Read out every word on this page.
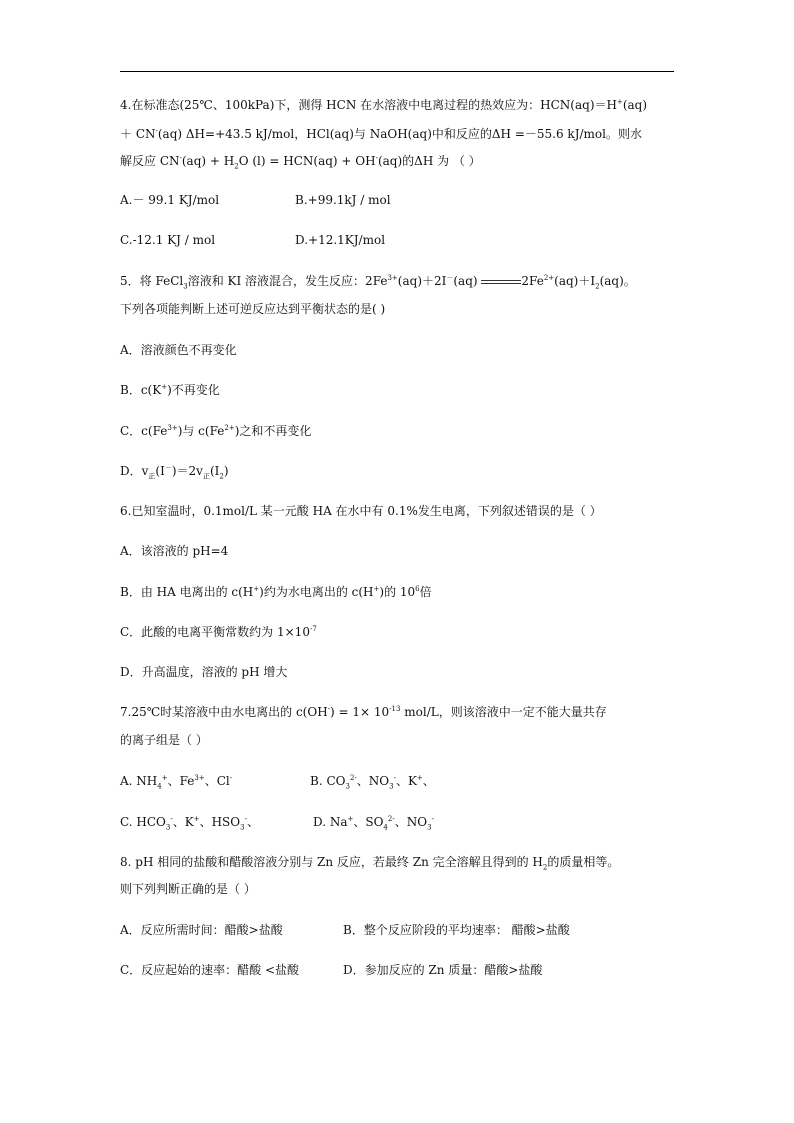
4.在标准态(25℃、100kPa)下，测得 HCN 在水溶液中电离过程的热效应为：HCN(aq)＝H+(aq)
＋ CN-(aq) ΔH=+43.5 kJ/mol，HCl(aq)与 NaOH(aq)中和反应的ΔH =－55.6 kJ/mol。则水
解反应 $CN^-(aq) + H_2O$ (l) = HCN(aq) + OH-(aq)的ΔH 为 （ ）
A.－ 99.1 KJ/mol	B.+99.1kJ / mol
C.-12.1 KJ / mol	D.+12.1KJ/mol
5．将 FeCl$_3$溶液和 KI 溶液混合，发生反应：$2Fe^{3+}(aq)+2I^-(aq)$	$2Fe^{2+}(aq)+I_2(aq)$。
下列各项能判断上述可逆反应达到平衡状态的是( )
A．溶液颜色不再变化
B．c(K+)不再变化
C．$c(Fe^{3+})$与 $c(Fe^{2+})$之和不再变化
D．$v_正(I^-)=2v_正(I_2)$
6.已知室温时，0.1mol/L 某一元酸 HA 在水中有 0.1%发生电离，下列叙述错误的是（ ）
A．该溶液的 pH=4
B．由 HA 电离出的 c(H+)约为水电离出的 c(H+)的 $10^6$倍
C．此酸的电离平衡常数约为 $1\times 10^{-7}$
D．升高温度，溶液的 pH 增大
7.25℃时某溶液中由水电离出的 $c(OH^-) = 1\times 10^{-13}$ mol/L，则该溶液中一定不能大量共存
的离子组是（ ）
A. $NH_4^+$、$Fe^{3+}$、Cl-	B. $CO_3^{2-}$、$NO_3^-$、K+、
C. $HCO_3^-$、K+、$HSO_3^-$、	D. Na+、$SO_4^{2-}$、$NO_3^-$
8. pH 相同的盐酸和醋酸溶液分别与 Zn 反应，若最终 Zn 完全溶解且得到的 $H_2$的质量相等。
则下列判断正确的是（ ）
A．反应所需时间：醋酸>盐酸	B．整个反应阶段的平均速率： 醋酸>盐酸
C．反应起始的速率：醋酸 <盐酸	D．参加反应的 Zn 质量：醋酸>盐酸
